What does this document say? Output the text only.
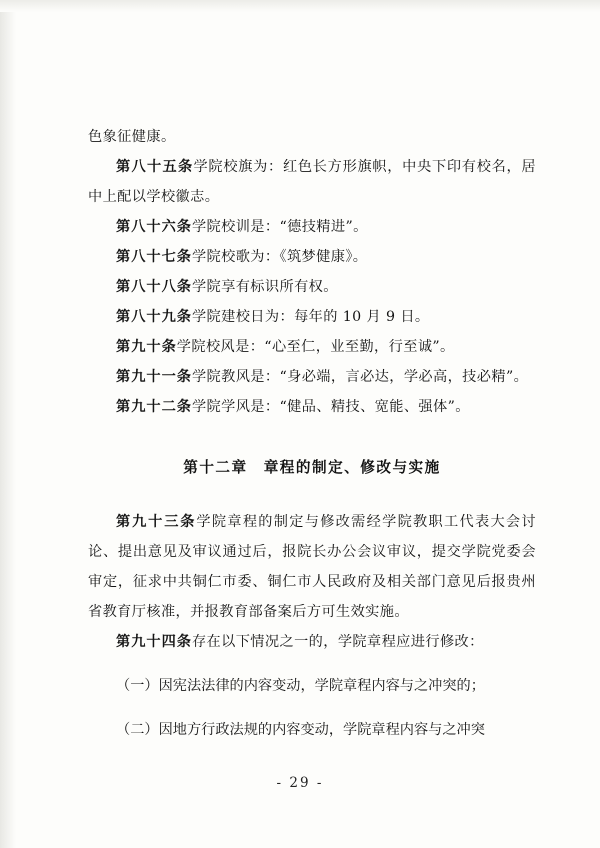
色象征健康。

第八十五条学院校旗为：红色长方形旗帜，中央下印有校名，居中上配以学校徽志。

第八十六条学院校训是：“德技精进”。

第八十七条学院校歌为：《筑梦健康》。

第八十八条学院享有标识所有权。

第八十九条学院建校日为：每年的 10 月 9 日。

第九十条学院校风是：“心至仁，业至勤，行至诚”。

第九十一条学院教风是：“身必端，言必达，学必高，技必精”。

第九十二条学院学风是：“健品、精技、宽能、强体”。

第十二章　章程的制定、修改与实施

第九十三条学院章程的制定与修改需经学院教职工代表大会讨论、提出意见及审议通过后，报院长办公会议审议，提交学院党委会审定，征求中共铜仁市委、铜仁市人民政府及相关部门意见后报贵州省教育厅核准，并报教育部备案后方可生效实施。

第九十四条存在以下情况之一的，学院章程应进行修改：

（一）因宪法法律的内容变动，学院章程内容与之冲突的；

（二）因地方行政法规的内容变动，学院章程内容与之冲突

- 29 -
